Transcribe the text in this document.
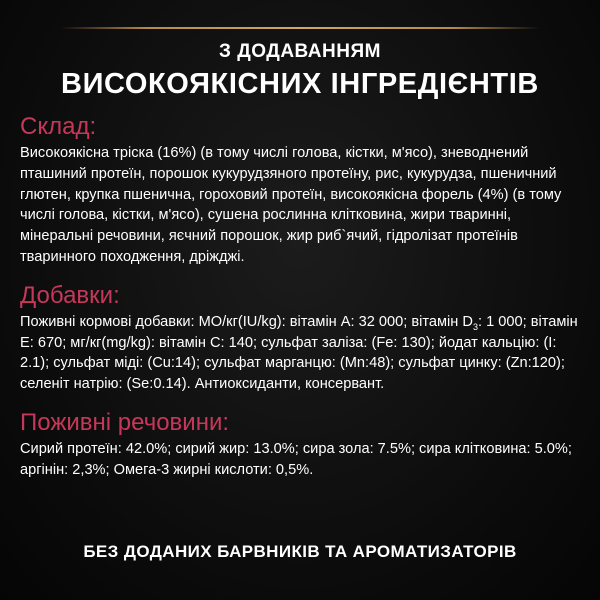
З ДОДАВАННЯМ
ВИСОКОЯКІСНИХ ІНГРЕДІЄНТІВ
Склад:

Високоякісна тріска (16%) (в тому числі голова, кістки, м'ясо), зневоднений пташиний протеїн, порошок кукурудзяного протеїну, рис, кукурудза, пшеничний глютен, крупка пшенична, гороховий протеїн, високоякісна форель (4%) (в тому числі голова, кістки, м'ясо), сушена рослинна клітковина, жири тваринні, мінеральні речовини, яєчний порошок, жир риб`ячий, гідролізат протеїнів тваринного походження, дріжджі.

Добавки:

Поживні кормові добавки: МО/кг(IU/kg): вітамін А: 32 000; вітамін $D_3$: 1 000; вітамін Е: 670; мг/кг(mg/kg): вітамін С: 140; сульфат заліза: (Fe: 130); йодат кальцію: (I: 2.1); сульфат міді: (Cu:14); сульфат марганцю: (Mn:48); сульфат цинку: (Zn:120); селеніт натрію: (Se:0.14). Антиоксиданти, консервант.

Поживні речовини:

Сирий протеїн: 42.0%; сирий жир: 13.0%; сира зола: 7.5%; сира клітковина: 5.0%; аргінін: 2,3%; Омега-3 жирні кислоти: 0,5%.

БЕЗ ДОДАНИХ БАРВНИКІВ ТА АРОМАТИЗАТОРІВ
